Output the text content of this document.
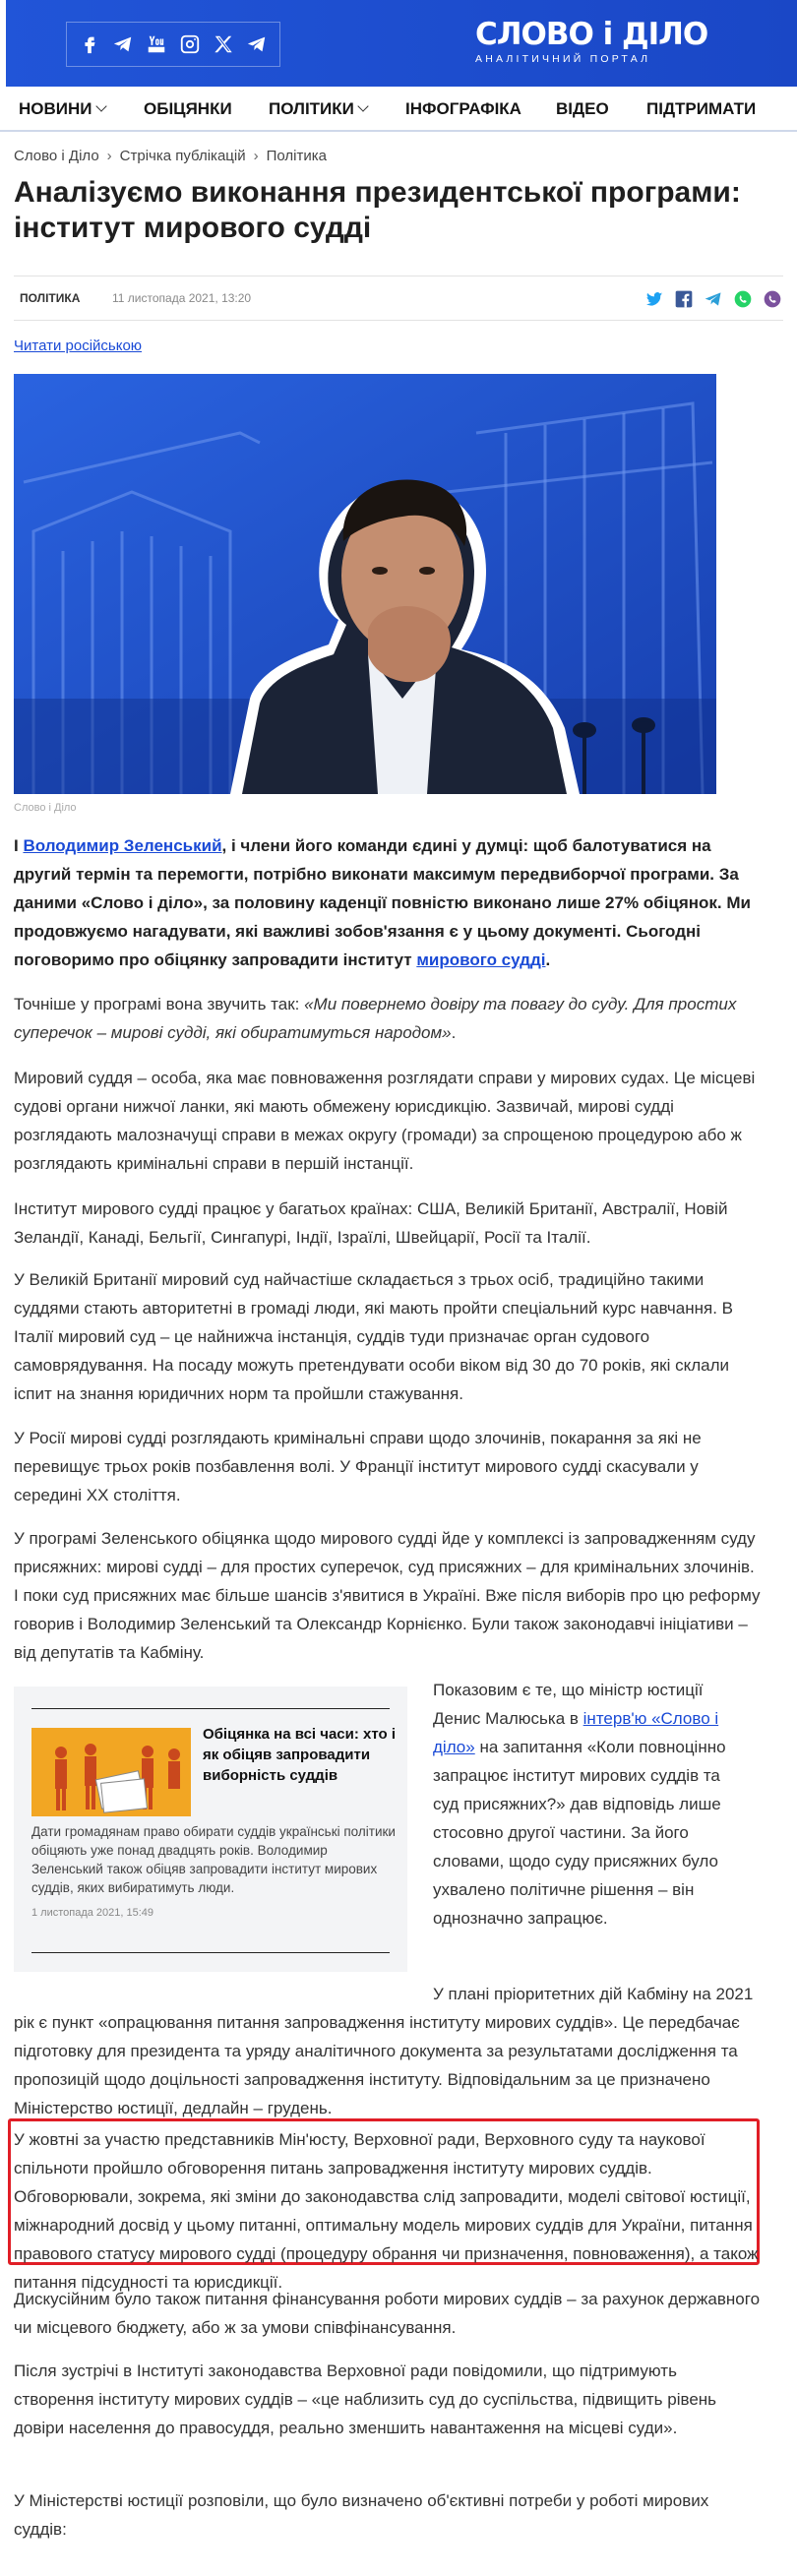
СЛОВО і ДІЛО
АНАЛІТИЧНИЙ ПОРТАЛ
НОВИНИ	ОБІЦЯНКИ ПОЛІТИКИ	ІНФОГРАФІКА ВІДЕО ПІДТРИМАТИ
Слово і Діло › Стрічка публікацій › Політика
Аналізуємо виконання президентської програми: інститут мирового судді
ПОЛІТИКА	11 листопада 2021, 13:20
Читати російською
Слово і Діло
І Володимир Зеленський, і члени його команди єдині у думці: щоб балотуватися на другий термін та перемогти, потрібно виконати максимум передвиборчої програми. За даними «Слово і діло», за половину каденції повністю виконано лише 27% обіцянок. Ми продовжуємо нагадувати, які важливі зобов'язання є у цьому документі. Сьогодні поговоримо про обіцянку запровадити інститут мирового судді.
Точніше у програмі вона звучить так: «Ми повернемо довіру та повагу до суду. Для простих суперечок – мирові судді, які обиратимуться народом».
Мировий суддя – особа, яка має повноваження розглядати справи у мирових судах. Це місцеві судові органи нижчої ланки, які мають обмежену юрисдикцію. Зазвичай, мирові судді розглядають малозначущі справи в межах округу (громади) за спрощеною процедурою або ж розглядають кримінальні справи в першій інстанції.
Інститут мирового судді працює у багатьох країнах: США, Великій Британії, Австралії, Новій Зеландії, Канаді, Бельгії, Сингапурі, Індії, Ізраїлі, Швейцарії, Росії та Італії.
У Великій Британії мировий суд найчастіше складається з трьох осіб, традиційно такими суддями стають авторитетні в громаді люди, які мають пройти спеціальний курс навчання. В Італії мировий суд – це найнижча інстанція, суддів туди призначає орган судового самоврядування. На посаду можуть претендувати особи віком від 30 до 70 років, які склали іспит на знання юридичних норм та пройшли стажування.
У Росії мирові судді розглядають кримінальні справи щодо злочинів, покарання за які не перевищує трьох років позбавлення волі. У Франції інститут мирового судді скасували у середині ХХ століття.
У програмі Зеленського обіцянка щодо мирового судді йде у комплексі із запровадженням суду присяжних: мирові судді – для простих суперечок, суд присяжних – для кримінальних злочинів. І поки суд присяжних має більше шансів з'явитися в Україні. Вже після виборів про цю реформу говорив і Володимир Зеленський та Олександр Корнієнко. Були також законодавчі ініціативи – від депутатів та Кабміну.
Обіцянка на всі часи: хто і як обіцяв запровадити виборність суддів
Дати громадянам право обирати суддів українські політики обіцяють уже понад двадцять років. Володимир Зеленський також обіцяв запровадити інститут мирових суддів, яких вибиратимуть люди.
1 листопада 2021, 15:49
Показовим є те, що міністр юстиції Денис Малюська в інтерв'ю «Слово і діло» на запитання «Коли повноцінно запрацює інститут мирових суддів та суд присяжних?» дав відповідь лише стосовно другої частини. За його словами, щодо суду присяжних було ухвалено політичне рішення – він однозначно запрацює.
У плані пріоритетних дій Кабміну на 2021 рік є пункт «опрацювання питання запровадження інституту мирових суддів». Це передбачає підготовку для президента та уряду аналітичного документа за результатами дослідження та пропозицій щодо доцільності запровадження інституту. Відповідальним за це призначено Міністерство юстиції, дедлайн – грудень.
У жовтні за участю представників Мін'юсту, Верховної ради, Верховного суду та наукової спільноти пройшло обговорення питань запровадження інституту мирових суддів. Обговорювали, зокрема, які зміни до законодавства слід запровадити, моделі світової юстиції, міжнародний досвід у цьому питанні, оптимальну модель мирових суддів для України, питання правового статусу мирового судді (процедуру обрання чи призначення, повноваження), а також питання підсудності та юрисдикції.
Дискусійним було також питання фінансування роботи мирових суддів – за рахунок державного чи місцевого бюджету, або ж за умови співфінансування.
Після зустрічі в Інституті законодавства Верховної ради повідомили, що підтримують створення інституту мирових суддів – «це наблизить суд до суспільства, підвищить рівень довіри населення до правосуддя, реально зменшить навантаження на місцеві суди».
У Міністерстві юстиції розповіли, що було визначено об'єктивні потреби у роботі мирових суддів:
